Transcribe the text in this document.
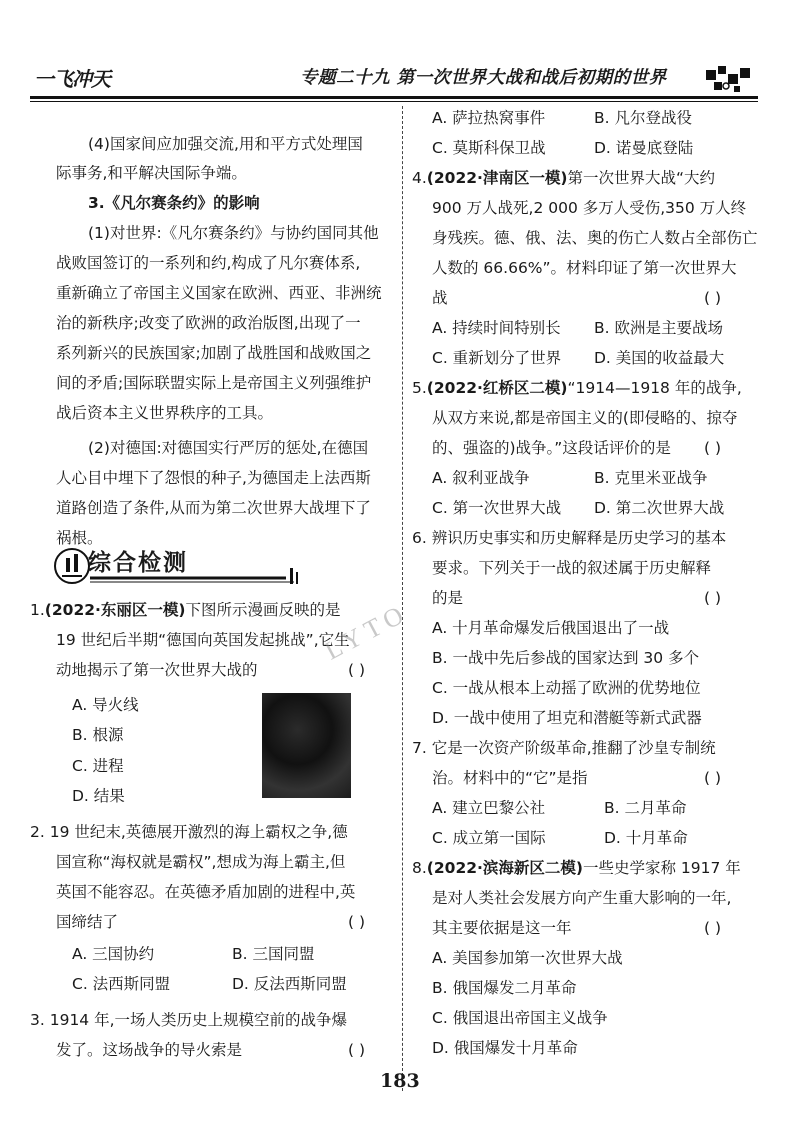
一飞冲天	专题二十九 第一次世界大战和战后初期的世界
(4)国家间应加强交流,用和平方式处理国
际事务,和平解决国际争端。
3.《凡尔赛条约》的影响
(1)对世界:《凡尔赛条约》与协约国同其他
战败国签订的一系列和约,构成了凡尔赛体系,
重新确立了帝国主义国家在欧洲、西亚、非洲统
治的新秩序;改变了欧洲的政治版图,出现了一
系列新兴的民族国家;加剧了战胜国和战败国之
间的矛盾;国际联盟实际上是帝国主义列强维护
战后资本主义世界秩序的工具。
(2)对德国:对德国实行严厉的惩处,在德国
人心目中埋下了怨恨的种子,为德国走上法西斯
道路创造了条件,从而为第二次世界大战埋下了
祸根。
综合检测
1.(2022·东丽区一模)下图所示漫画反映的是
19 世纪后半期“德国向英国发起挑战”,它生
动地揭示了第一次世界大战的	( )
A. 导火线
B. 根源
C. 进程
D. 结果
2. 19 世纪末,英德展开激烈的海上霸权之争,德
国宣称“海权就是霸权”,想成为海上霸主,但
英国不能容忍。在英德矛盾加剧的进程中,英
国缔结了	( )
A. 三国协约	B. 三国同盟
C. 法西斯同盟	D. 反法西斯同盟
3. 1914 年,一场人类历史上规模空前的战争爆
发了。这场战争的导火索是	( )
A. 萨拉热窝事件	B. 凡尔登战役
C. 莫斯科保卫战	D. 诺曼底登陆
4.(2022·津南区一模)第一次世界大战“大约
900 万人战死,2 000 多万人受伤,350 万人终
身残疾。德、俄、法、奥的伤亡人数占全部伤亡
人数的 66.66%”。材料印证了第一次世界大
战	( )
A. 持续时间特别长 B. 欧洲是主要战场
C. 重新划分了世界 D. 美国的收益最大
5.(2022·红桥区二模)“1914—1918 年的战争,
从双方来说,都是帝国主义的(即侵略的、掠夺
的、强盗的)战争。”这段话评价的是 ( )
A. 叙利亚战争	B. 克里米亚战争
C. 第一次世界大战 D. 第二次世界大战
6. 辨识历史事实和历史解释是历史学习的基本
要求。下列关于一战的叙述属于历史解释
的是	( )
A. 十月革命爆发后俄国退出了一战
B. 一战中先后参战的国家达到 30 多个
C. 一战从根本上动摇了欧洲的优势地位
D. 一战中使用了坦克和潜艇等新式武器
7. 它是一次资产阶级革命,推翻了沙皇专制统
治。材料中的“它”是指	( )
A. 建立巴黎公社	B. 二月革命
C. 成立第一国际	D. 十月革命
8.(2022·滨海新区二模)一些史学家称 1917 年
是对人类社会发展方向产生重大影响的一年,
其主要依据是这一年	( )
A. 美国参加第一次世界大战
B. 俄国爆发二月革命
C. 俄国退出帝国主义战争
D. 俄国爆发十月革命
LYTO
183
